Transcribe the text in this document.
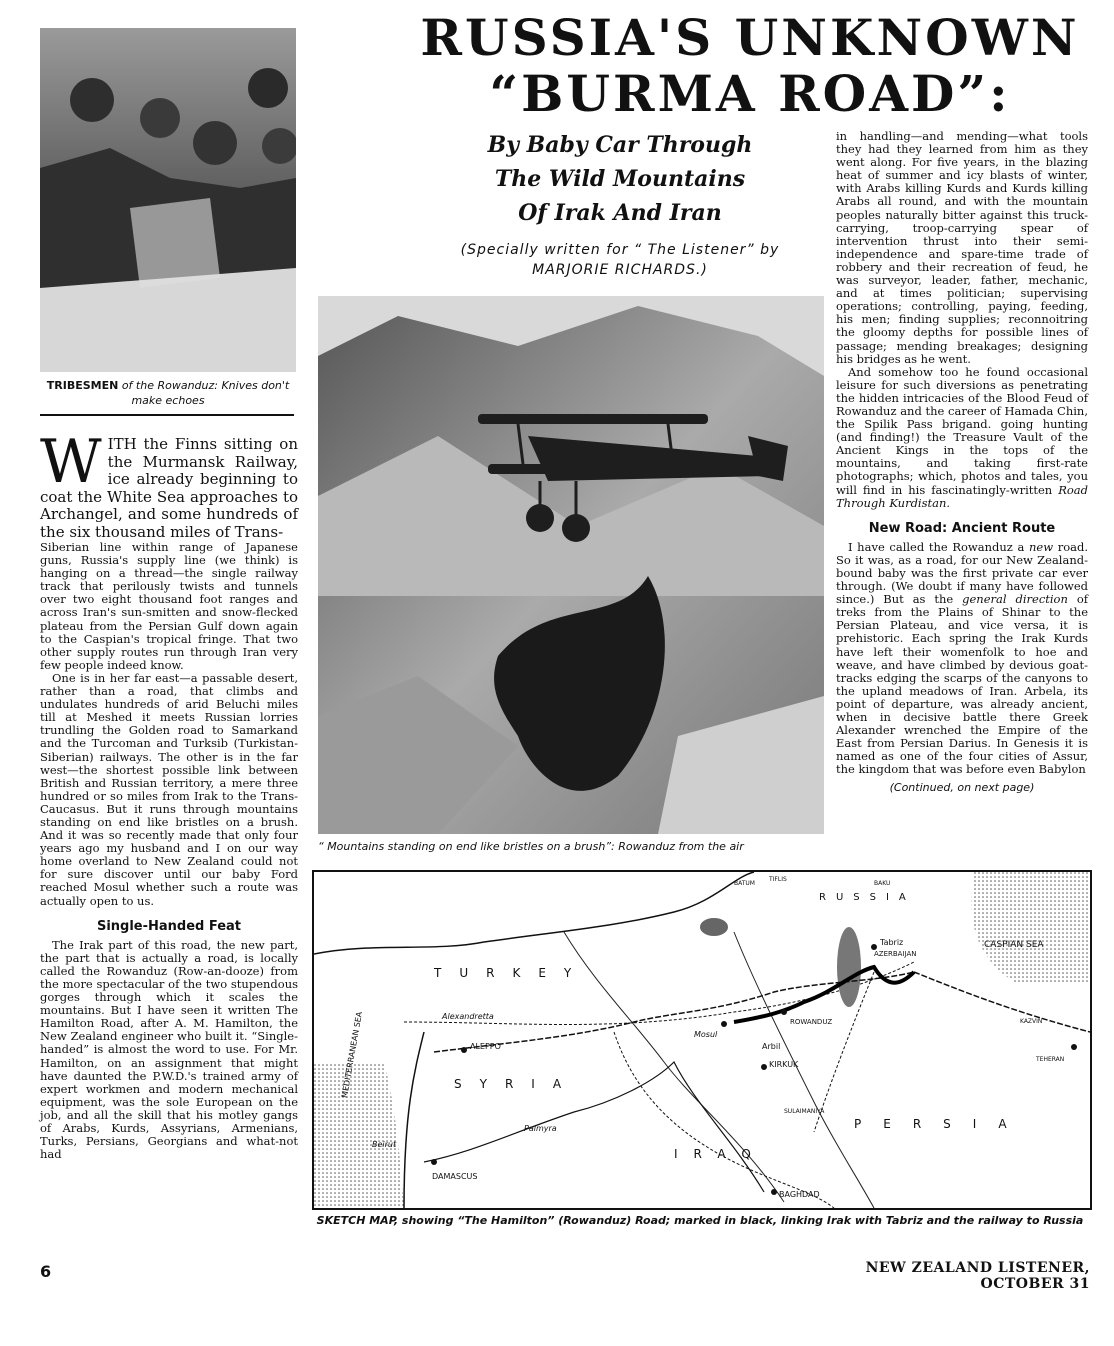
RUSSIA'S UNKNOWN
“BURMA ROAD”:
By Baby Car Through
The Wild Mountains
Of Irak And Iran
(Specially written for “ The Listener” by
MARJORIE RICHARDS.)
TRIBESMEN of the Rowanduz: Knives don't make echoes
“ Mountains standing on end like bristles on a brush”: Rowanduz from the air

WITH the Finns sitting on the Murmansk Railway, ice already beginning to coat the White Sea approaches to Archangel, and some hundreds of the six thousand miles of Trans-

Siberian line within range of Japanese guns, Russia's supply line (we think) is hanging on a thread—the single railway track that perilously twists and tunnels over two eight thousand foot ranges and across Iran's sun-smitten and snow-flecked plateau from the Persian Gulf down again to the Caspian's tropical fringe. That two other supply routes run through Iran very few people indeed know.

One is in her far east—a passable desert, rather than a road, that climbs and undulates hundreds of arid Beluchi miles till at Meshed it meets Russian lorries trundling the Golden road to Samarkand and the Turcoman and Turksib (Turkistan-Siberian) railways. The other is in the far west—the shortest possible link between British and Russian territory, a mere three hundred or so miles from Irak to the Trans-Caucasus. But it runs through mountains standing on end like bristles on a brush. And it was so recently made that only four years ago my husband and I on our way home overland to New Zealand could not for sure discover until our baby Ford reached Mosul whether such a route was actually open to us.

Single-Handed Feat

The Irak part of this road, the new part, the part that is actually a road, is locally called the Rowanduz (Row-an-dooze) from the more spectacular of the two stupendous gorges through which it scales the mountains. But I have seen it written The Hamilton Road, after A. M. Hamilton, the New Zealand engineer who built it. “Single-handed” is almost the word to use. For Mr. Hamilton, on an assignment that might have daunted the P.W.D.'s trained army of expert workmen and modern mechanical equipment, was the sole European on the job, and all the skill that his motley gangs of Arabs, Kurds, Assyrians, Armenians, Turks, Persians, Georgians and what-not had

in handling—and mending—what tools they had they learned from him as they went along. For five years, in the blazing heat of summer and icy blasts of winter, with Arabs killing Kurds and Kurds killing Arabs all round, and with the mountain peoples naturally bitter against this truck-carrying, troop-carrying spear of intervention thrust into their semi-independence and spare-time trade of robbery and their recreation of feud, he was surveyor, leader, father, mechanic, and at times politician; supervising operations; controlling, paying, feeding, his men; finding supplies; reconnoitring the gloomy depths for possible lines of passage; mending breakages; designing his bridges as he went.

And somehow too he found occasional leisure for such diversions as penetrating the hidden intricacies of the Blood Feud of Rowanduz and the career of Hamada Chin, the Spilik Pass brigand. going hunting (and finding!) the Treasure Vault of the Ancient Kings in the tops of the mountains, and taking first-rate photographs; which, photos and tales, you will find in his fascinatingly-written Road Through Kurdistan.

New Road: Ancient Route

I have called the Rowanduz a new road. So it was, as a road, for our New Zealand-bound baby was the first private car ever through. (We doubt if many have followed since.) But as the general direction of treks from the Plains of Shinar to the Persian Plateau, and vice versa, it is prehistoric. Each spring the Irak Kurds have left their womenfolk to hoe and weave, and have climbed by devious goat-tracks edging the scarps of the canyons to the upland meadows of Iran. Arbela, its point of departure, was already ancient, when in decisive battle there Greek Alexander wrenched the Empire of the East from Persian Darius. In Genesis it is named as one of the four cities of Assur, the kingdom that was before even Babylon

(Continued, on next page)
TURKEY
SYRIA
IRAQ
PERSIA
RUSSIA
CASPIAN SEA
MEDITERRANEAN SEA
Tabriz
AZERBAIJAN
ALEPPO
Alexandretta
Mosul
ROWANDUZ
Arbil
KIRKUK
BAGHDAD
DAMASCUS
Beirut
Palmyra
TEHERAN
KAZVIN
SULAIMANIYA
TIFLIS
BATUM	BAKU
SKETCH MAP, showing “The Hamilton” (Rowanduz) Road; marked in black, linking Irak with Tabriz and the railway to Russia
6	NEW ZEALAND LISTENER, OCTOBER 31
